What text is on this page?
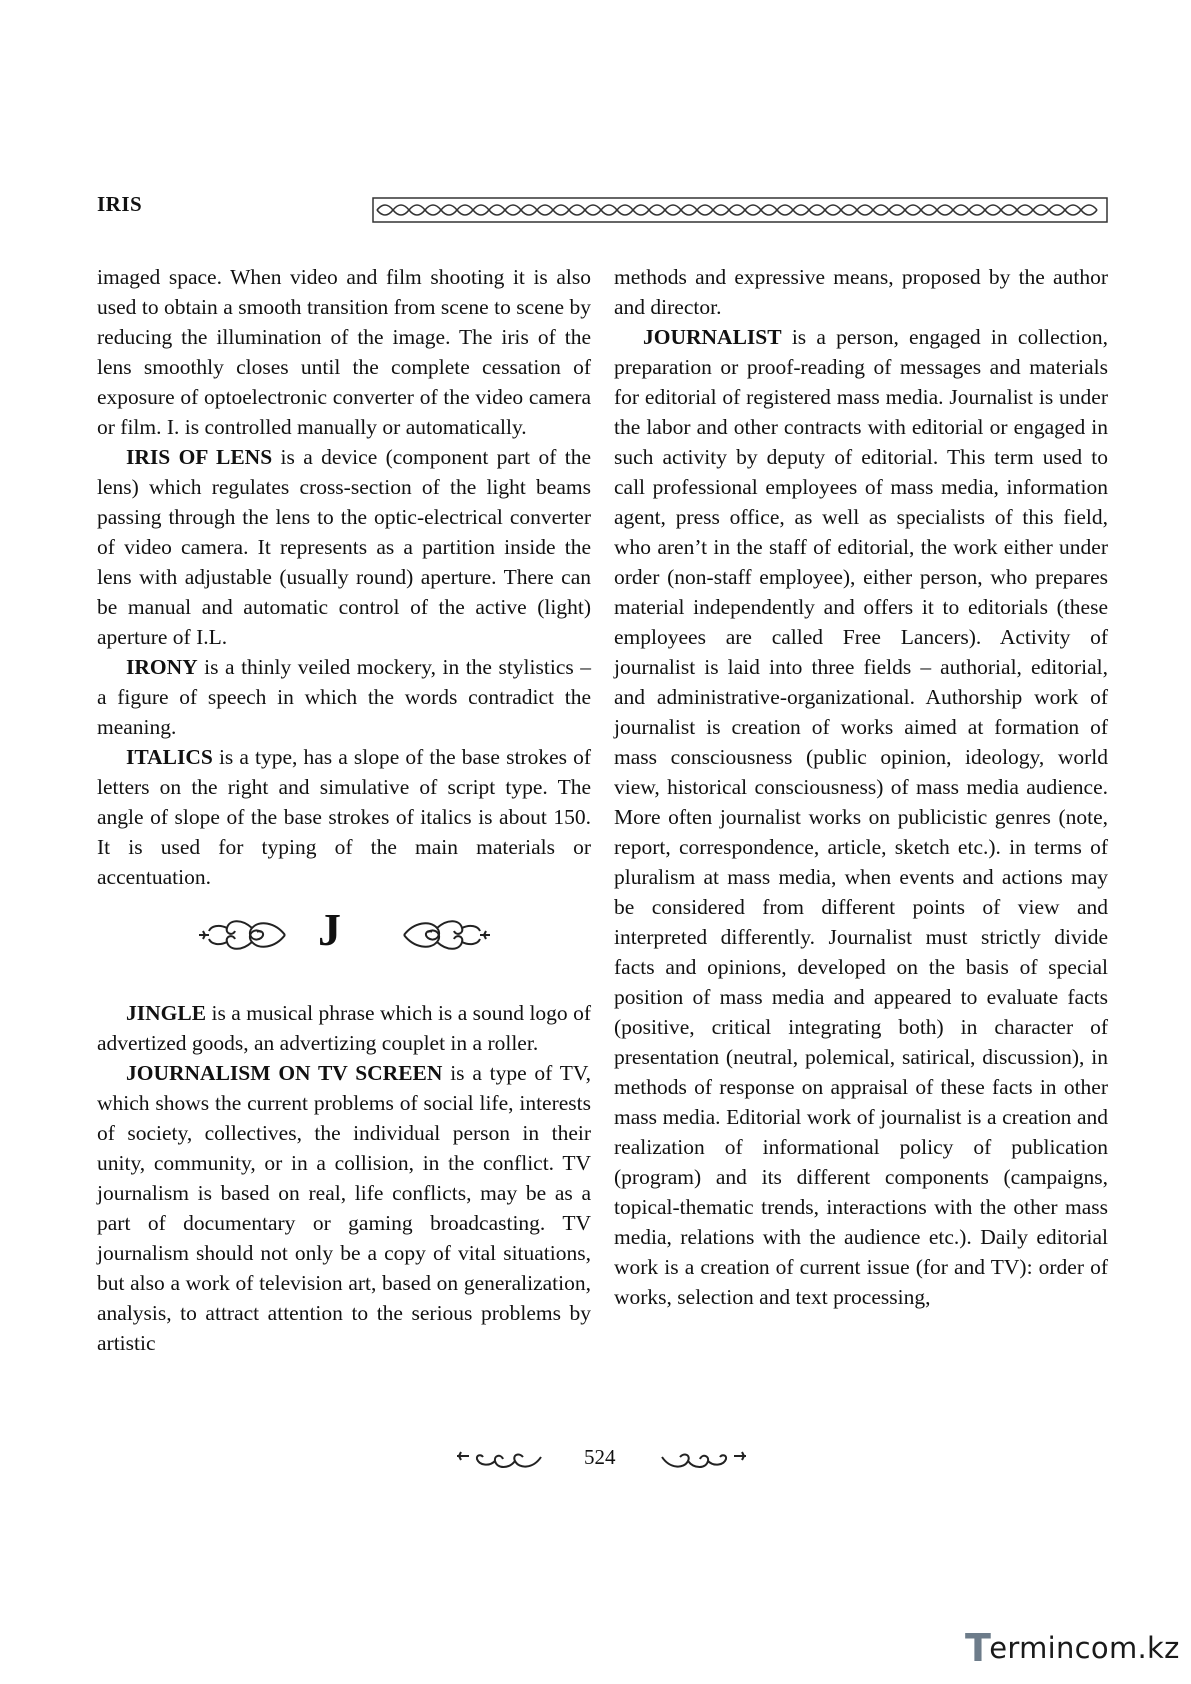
IRIS

imaged space. When video and film shooting it is also used to obtain a smooth transition from scene to scene by reducing the illumination of the image. The iris of the lens smoothly closes until the complete cessation of exposure of optoelectronic converter of the video camera or film. I. is controlled manually or automatically.

IRIS OF LENS is a device (component part of the lens) which regulates cross-section of the light beams passing through the lens to the optic-electrical converter of video camera. It represents as a partition inside the lens with adjustable (usually round) aperture. There can be manual and automatic control of the active (light) aperture of I.L.

IRONY is a thinly veiled mockery, in the stylistics – a figure of speech in which the words contradict the meaning.

ITALICS is a type, has a slope of the base strokes of letters on the right and simulative of script type. The angle of slope of the base strokes of italics is about 150. It is used for typing of the main materials or accentuation.

J

JINGLE is a musical phrase which is a sound logo of advertized goods, an advertizing couplet in a roller.

JOURNALISM ON TV SCREEN is a type of TV, which shows the current problems of social life, interests of society, collectives, the individual person in their unity, community, or in a collision, in the conflict. TV journalism is based on real, life conflicts, may be as a part of documentary or gaming broadcasting. TV journalism should not only be a copy of vital situations, but also a work of television art, based on generalization, analysis, to attract attention to the serious problems by artistic

methods and expressive means, proposed by the author and director.

JOURNALIST is a person, engaged in collection, preparation or proof-reading of messages and materials for editorial of registered mass media. Journalist is under the labor and other contracts with editorial or engaged in such activity by deputy of editorial. This term used to call professional employees of mass media, information agent, press office, as well as specialists of this field, who aren’t in the staff of editorial, the work either under order (non-staff employee), either person, who prepares material independently and offers it to editorials (these employees are called Free Lancers). Activity of journalist is laid into three fields – authorial, editorial, and administrative-organizational. Authorship work of journalist is creation of works aimed at formation of mass consciousness (public opinion, ideology, world view, historical consciousness) of mass media audience. More often journalist works on publicistic genres (note, report, correspondence, article, sketch etc.). in terms of pluralism at mass media, when events and actions may be considered from different points of view and interpreted differently. Journalist must strictly divide facts and opinions, developed on the basis of special position of mass media and appeared to evaluate facts (positive, critical integrating both) in character of presentation (neutral, polemical, satirical, discussion), in methods of response on appraisal of these facts in other mass media. Editorial work of journalist is a creation and realization of informational policy of publication (program) and its different components (campaigns, topical-thematic trends, interactions with the other mass media, relations with the audience etc.). Daily editorial work is a creation of current issue (for and TV): order of works, selection and text processing,

524
T
ermincom.kz
